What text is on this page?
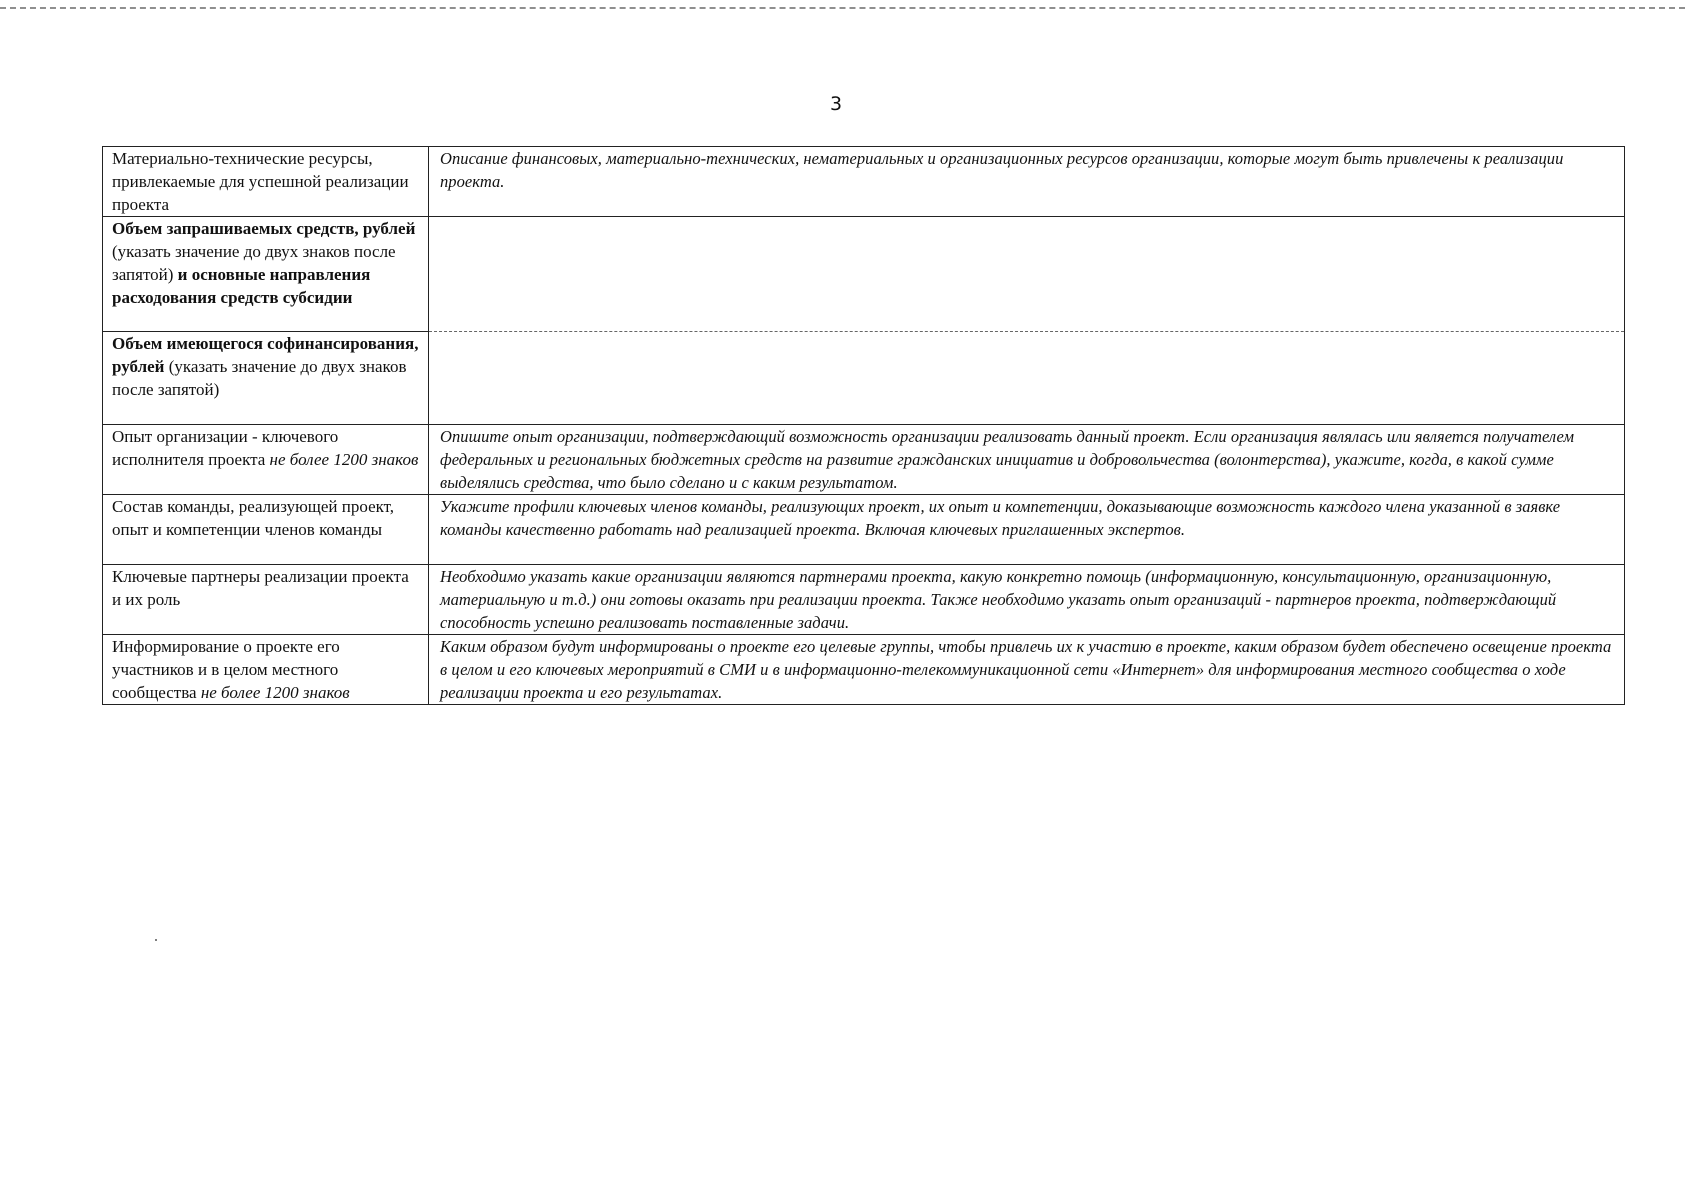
3
Материально-технические ресурсы, привлекаемые для успешной реализации проекта	Описание финансовых, материально-технических, нематериальных и организационных ресурсов организации, которые могут быть привлечены к реализации проекта.
Объем запрашиваемых средств, рублей (указать значение до двух знаков после запятой) и основные направления расходования средств субсидии	
Объем имеющегося софинансирования, рублей (указать значение до двух знаков после запятой)	
Опыт организации - ключевого исполнителя проекта не более 1200 знаков	Опишите опыт организации, подтверждающий возможность организации реализовать данный проект. Если организация являлась или является получателем федеральных и региональных бюджетных средств на развитие гражданских инициатив и добровольчества (волонтерства), укажите, когда, в какой сумме выделялись средства, что было сделано и с каким результатом.
Состав команды, реализующей проект, опыт и компетенции членов команды	Укажите профили ключевых членов команды, реализующих проект, их опыт и компетенции, доказывающие возможность каждого члена указанной в заявке команды качественно работать над реализацией проекта. Включая ключевых приглашенных экспертов.
Ключевые партнеры реализации проекта и их роль	Необходимо указать какие организации являются партнерами проекта, какую конкретно помощь (информационную, консультационную, организационную, материальную и т.д.) они готовы оказать при реализации проекта. Также необходимо указать опыт организаций - партнеров проекта, подтверждающий способность успешно реализовать поставленные задачи.
Информирование о проекте его участников и в целом местного сообщества не более 1200 знаков	Каким образом будут информированы о проекте его целевые группы, чтобы привлечь их к участию в проекте, каким образом будет обеспечено освещение проекта в целом и его ключевых мероприятий в СМИ и в информационно-телекоммуникационной сети «Интернет» для информирования местного сообщества о ходе реализации проекта и его результатах.
